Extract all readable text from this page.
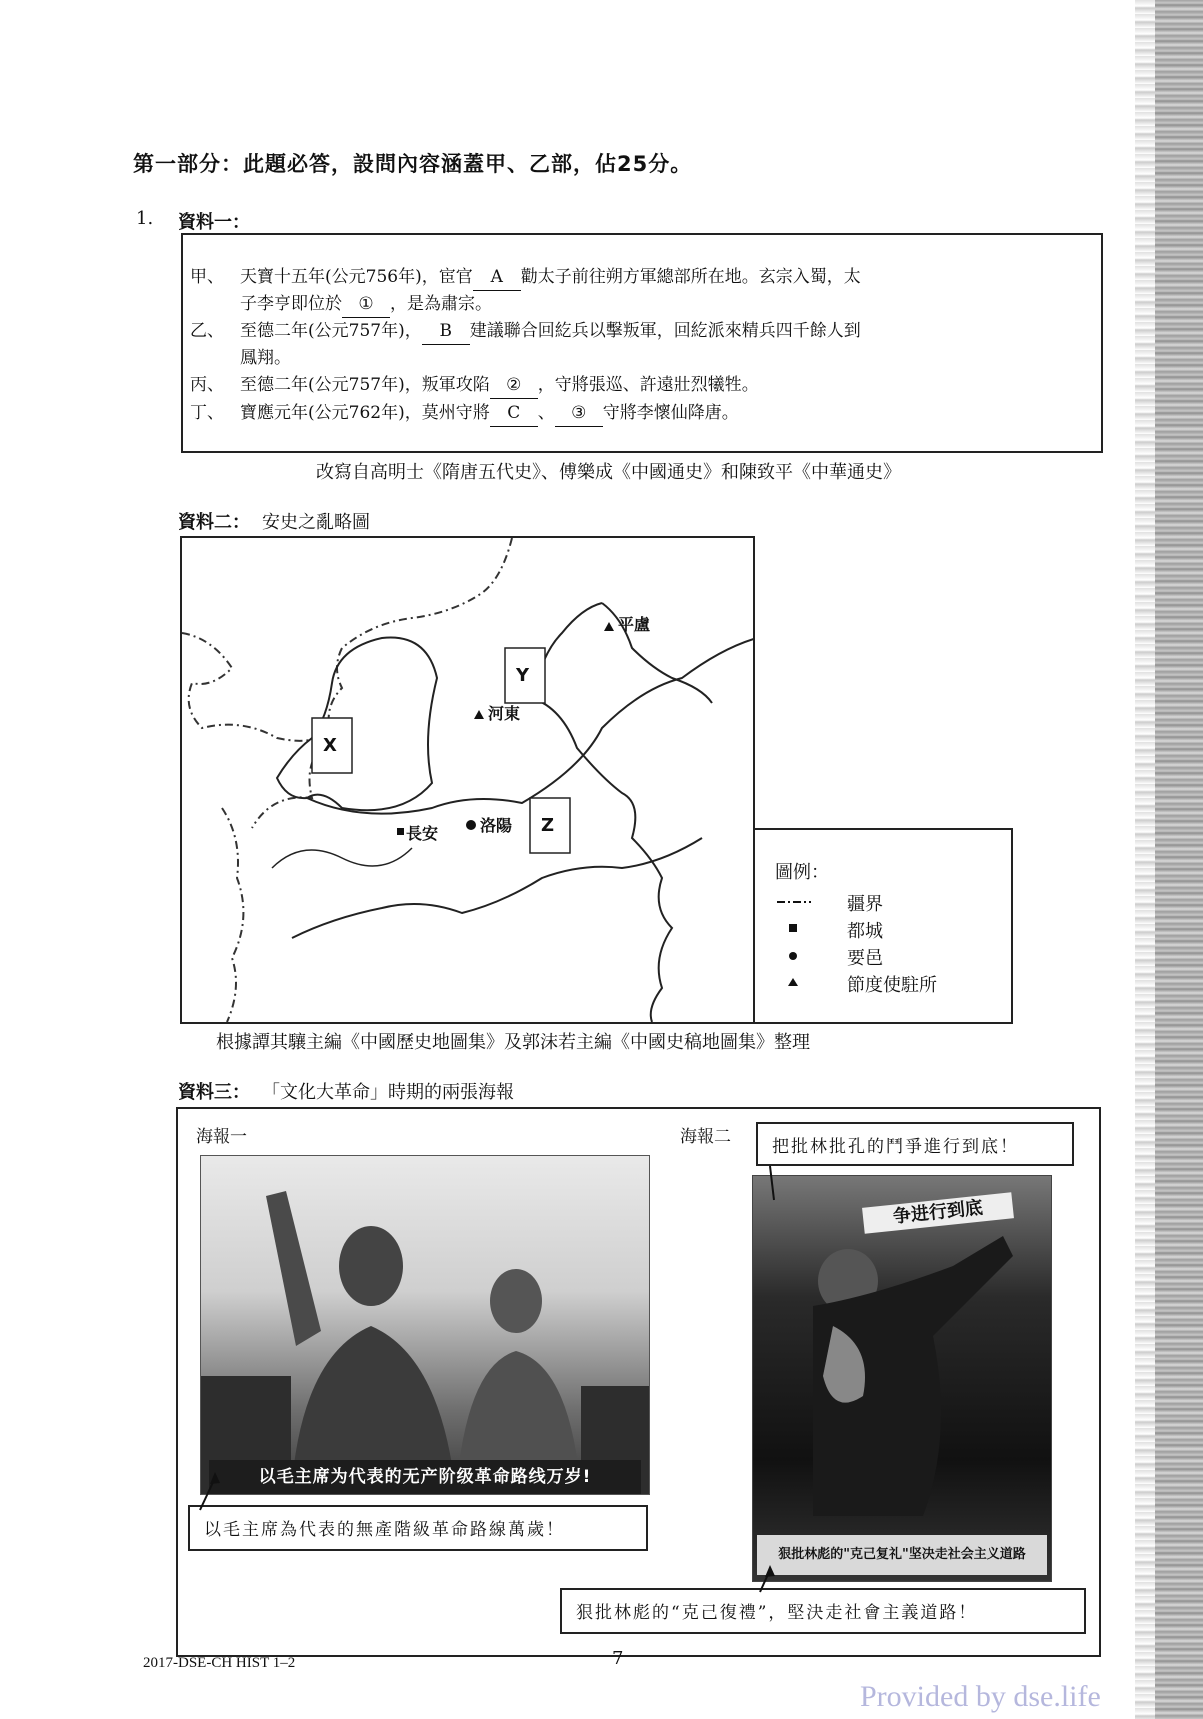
第一部分：此題必答，設問內容涵蓋甲、乙部，佔25分。
1. 資料一：
甲、 天寶十五年(公元756年)，宦官 A 勸太子前往朔方軍總部所在地。玄宗入蜀，太
子李亨即位於 ① ，是為肅宗。
乙、 至德二年(公元757年)， B 建議聯合回紇兵以擊叛軍，回紇派來精兵四千餘人到
鳳翔。
丙、 至德二年(公元757年)，叛軍攻陷 ② ，守將張巡、許遠壯烈犧牲。
丁、 寶應元年(公元762年)，莫州守將 C 、 ③ 守將李懷仙降唐。
改寫自高明士《隋唐五代史》、傅樂成《中國通史》和陳致平《中華通史》
資料二： 安史之亂略圖
X
Y
Z
平盧
河東
長安	洛陽
圖例：
疆界
都城
要邑
節度使駐所
根據譚其驤主編《中國歷史地圖集》及郭沫若主編《中國史稿地圖集》整理
資料三： 「文化大革命」時期的兩張海報
海報一
以毛主席为代表的无产阶级革命路线万岁!
以毛主席為代表的無產階級革命路線萬歲！
海報二	把批林批孔的鬥爭進行到底！
争进行到底
狠批林彪的"克己复礼"坚决走社会主义道路
狠批林彪的“克己復禮”，堅決走社會主義道路！
2017-DSE-CH HIST 1–2	7
Provided by dse.life
